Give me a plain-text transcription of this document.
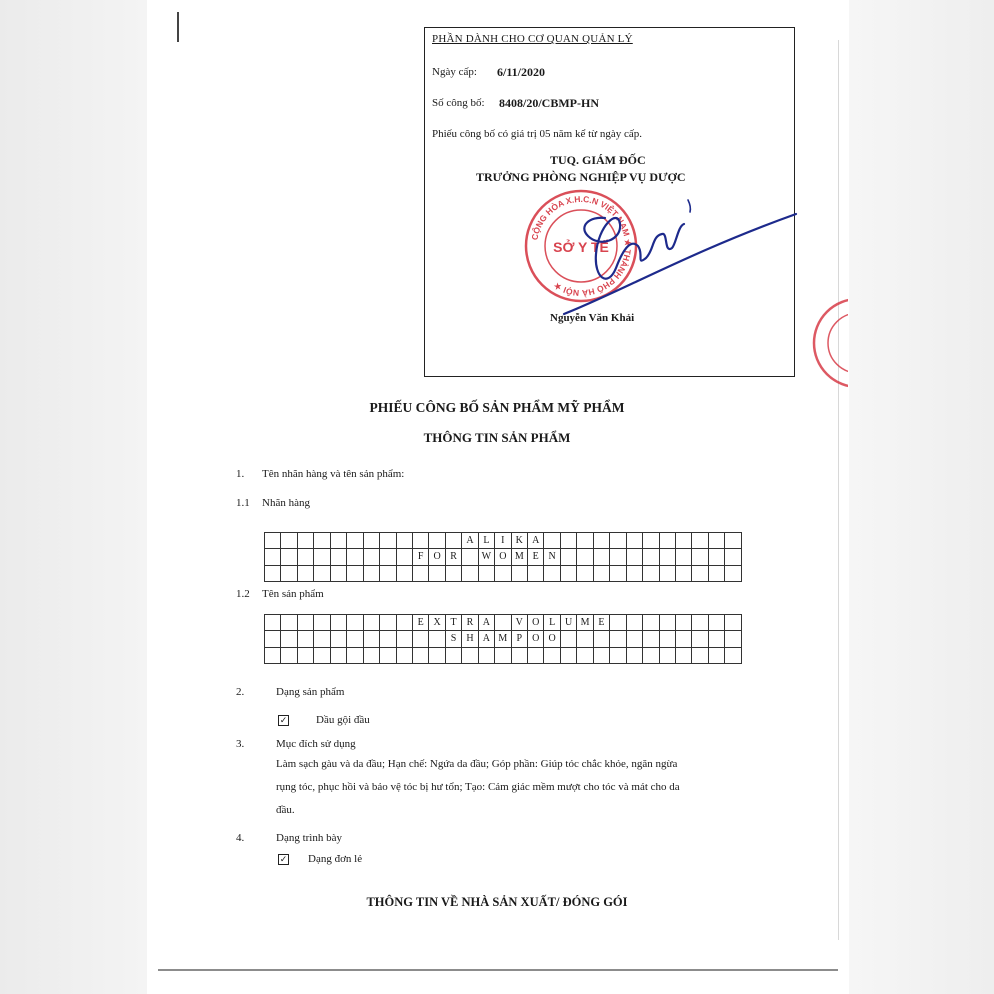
PHẦN DÀNH CHO CƠ QUAN QUẢN LÝ
Ngày cấp: 6/11/2020
Số công bố: 8408/20/CBMP-HN
Phiếu công bố có giá trị 05 năm kể từ ngày cấp.
TUQ. GIÁM ĐỐC
TRƯỞNG PHÒNG NGHIỆP VỤ DƯỢC
Nguyễn Văn Khải
CỘNG HÒA X.H.C.N VIỆT NAM ★ THÀNH PHỐ HÀ NỘI ★
SỞ Y TẾ
PHIẾU CÔNG BỐ SẢN PHẨM MỸ PHẨM
THÔNG TIN SẢN PHẨM
1. Tên nhãn hàng và tên sản phẩm:
1.1 Nhãn hàng
A L	I	K A
F	O R	W O M E N
1.2 Tên sản phẩm
E X T	R A	V O L U M E
S	H A M P	O O
2.	Dạng sản phẩm
✓	Dầu gội đầu
3.	Mục đích sử dụng
Làm sạch gàu và da đầu; Hạn chế: Ngứa da đầu; Góp phần: Giúp tóc chắc khỏe, ngăn ngừa
rụng tóc, phục hồi và bảo vệ tóc bị hư tổn; Tạo: Cảm giác mềm mượt cho tóc và mát cho da
đầu.
4.	Dạng trình bày
✓ Dạng đơn lẻ
THÔNG TIN VỀ NHÀ SẢN XUẤT/ ĐÓNG GÓI
